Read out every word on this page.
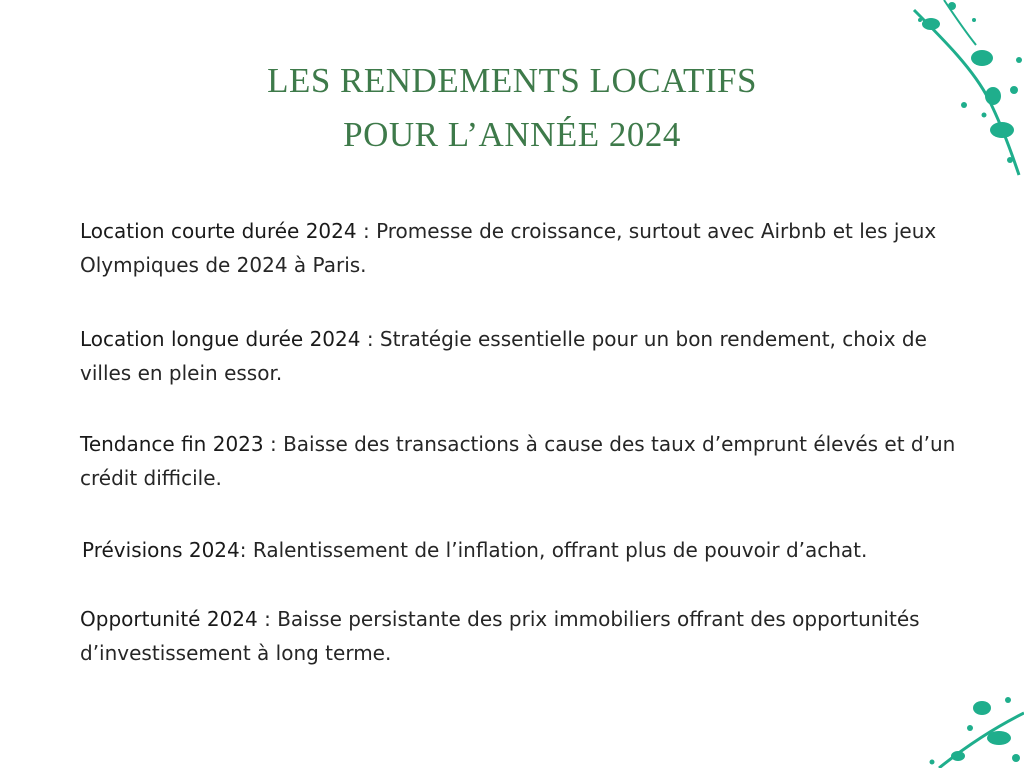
LES RENDEMENTS LOCATIFS
POUR L’ANNÉE 2024

Location courte durée 2024 : Promesse de croissance, surtout avec Airbnb et les jeux Olympiques de 2024 à Paris.

Location longue durée 2024 : Stratégie essentielle pour un bon rendement, choix de villes en plein essor.

Tendance fin 2023 : Baisse des transactions à cause des taux d’emprunt élevés et d’un crédit difficile.

Prévisions 2024: Ralentissement de l’inflation, offrant plus de pouvoir d’achat.

Opportunité 2024 : Baisse persistante des prix immobiliers offrant des opportunités d’investissement à long terme.
